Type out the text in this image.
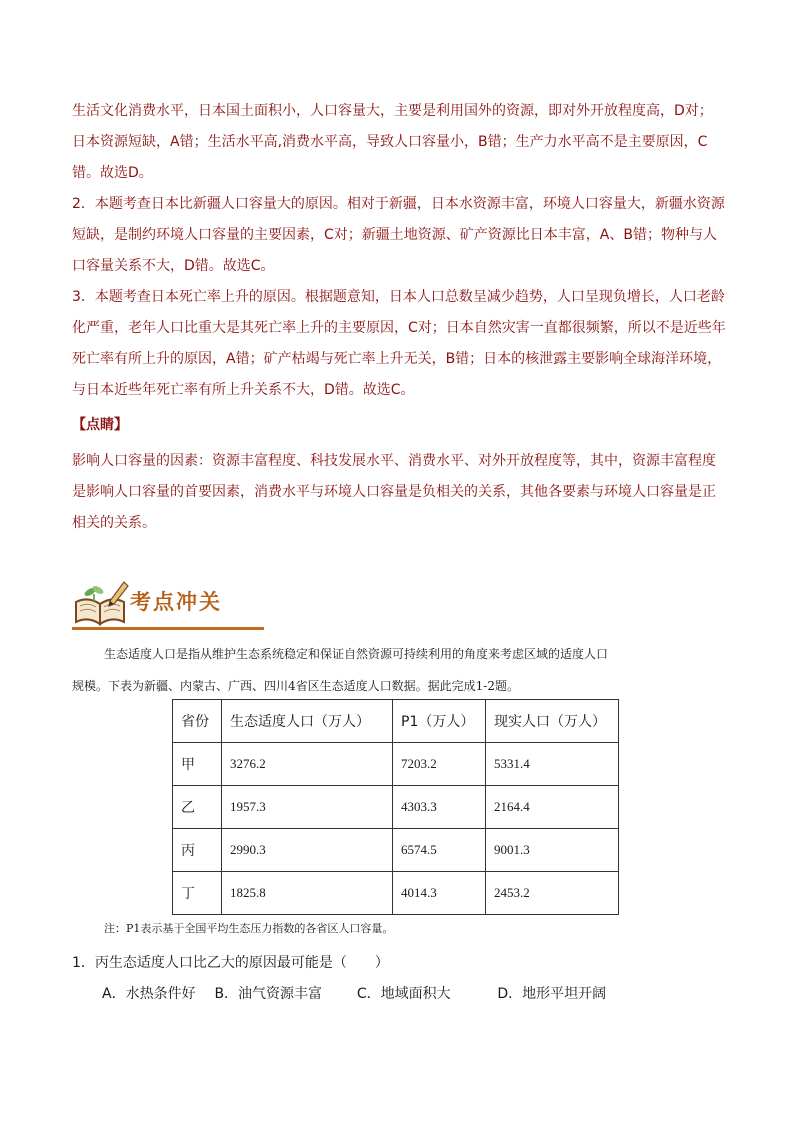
生活文化消费水平，日本国土面积小，人口容量大，主要是利用国外的资源，即对外开放程度高，D对；
日本资源短缺，A错；生活水平高,消费水平高，导致人口容量小，B错；生产力水平高不是主要原因，C
错。故选D。
2．本题考查日本比新疆人口容量大的原因。相对于新疆，日本水资源丰富，环境人口容量大，新疆水资源
短缺，是制约环境人口容量的主要因素，C对；新疆土地资源、矿产资源比日本丰富，A、B错；物种与人
口容量关系不大，D错。故选C。
3．本题考查日本死亡率上升的原因。根据题意知，日本人口总数呈减少趋势，人口呈现负增长，人口老龄
化严重，老年人口比重大是其死亡率上升的主要原因，C对；日本自然灾害一直都很频繁，所以不是近些年
死亡率有所上升的原因，A错；矿产枯竭与死亡率上升无关，B错；日本的核泄露主要影响全球海洋环境，
与日本近些年死亡率有所上升关系不大，D错。故选C。
【点睛】
影响人口容量的因素：资源丰富程度、科技发展水平、消费水平、对外开放程度等，其中，资源丰富程度
是影响人口容量的首要因素，消费水平与环境人口容量是负相关的关系，其他各要素与环境人口容量是正
相关的关系。
考点冲关
生态适度人口是指从维护生态系统稳定和保证自然资源可持续利用的角度来考虑区域的适度人口
规模。下表为新疆、内蒙古、广西、四川4省区生态适度人口数据。据此完成1-2题。
省份	生态适度人口（万人）	P1（万人）	现实人口（万人）
甲	3276.2	7203.2	5331.4
乙	1957.3	4303.3	2164.4
丙	2990.3	6574.5	9001.3
丁	1825.8	4014.3	2453.2
注：P1表示基于全国平均生态压力指数的各省区人口容量。
1．丙生态适度人口比乙大的原因最可能是（　　）
A．水热条件好 B．油气资源丰富 C．地域面积大	D．地形平坦开阔
